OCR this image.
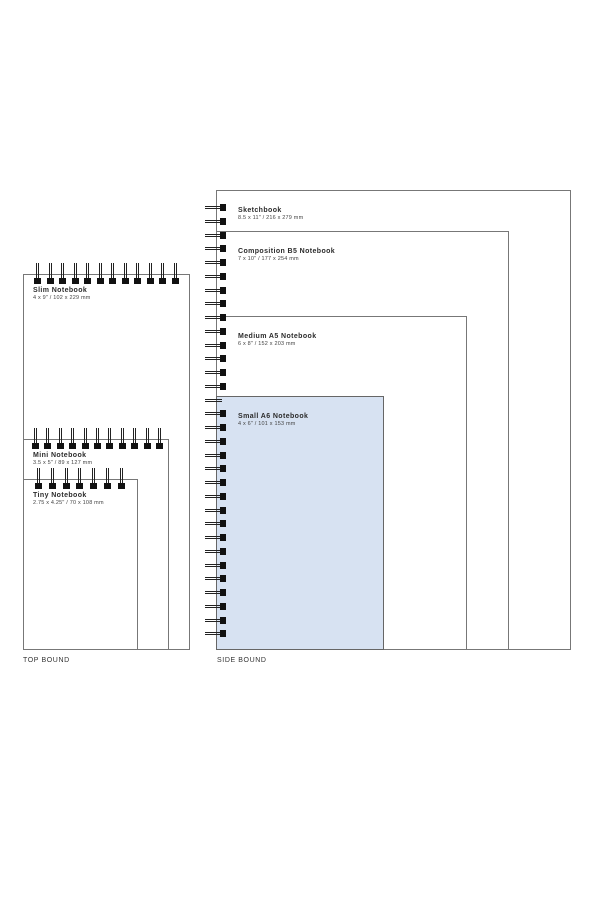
Sketchbook
8.5 x 11" / 216 x 279 mm
Composition B5 Notebook
7 x 10" / 177 x 254 mm
Medium A5 Notebook
6 x 8" / 152 x 203 mm
Small A6 Notebook
4 x 6" / 101 x 153 mm
Slim Notebook
4 x 9" / 102 x 229 mm
Mini Notebook
3.5 x 5" / 89 x 127 mm
Tiny Notebook
2.75 x 4.25" / 70 x 108 mm
TOP BOUND	SIDE BOUND
